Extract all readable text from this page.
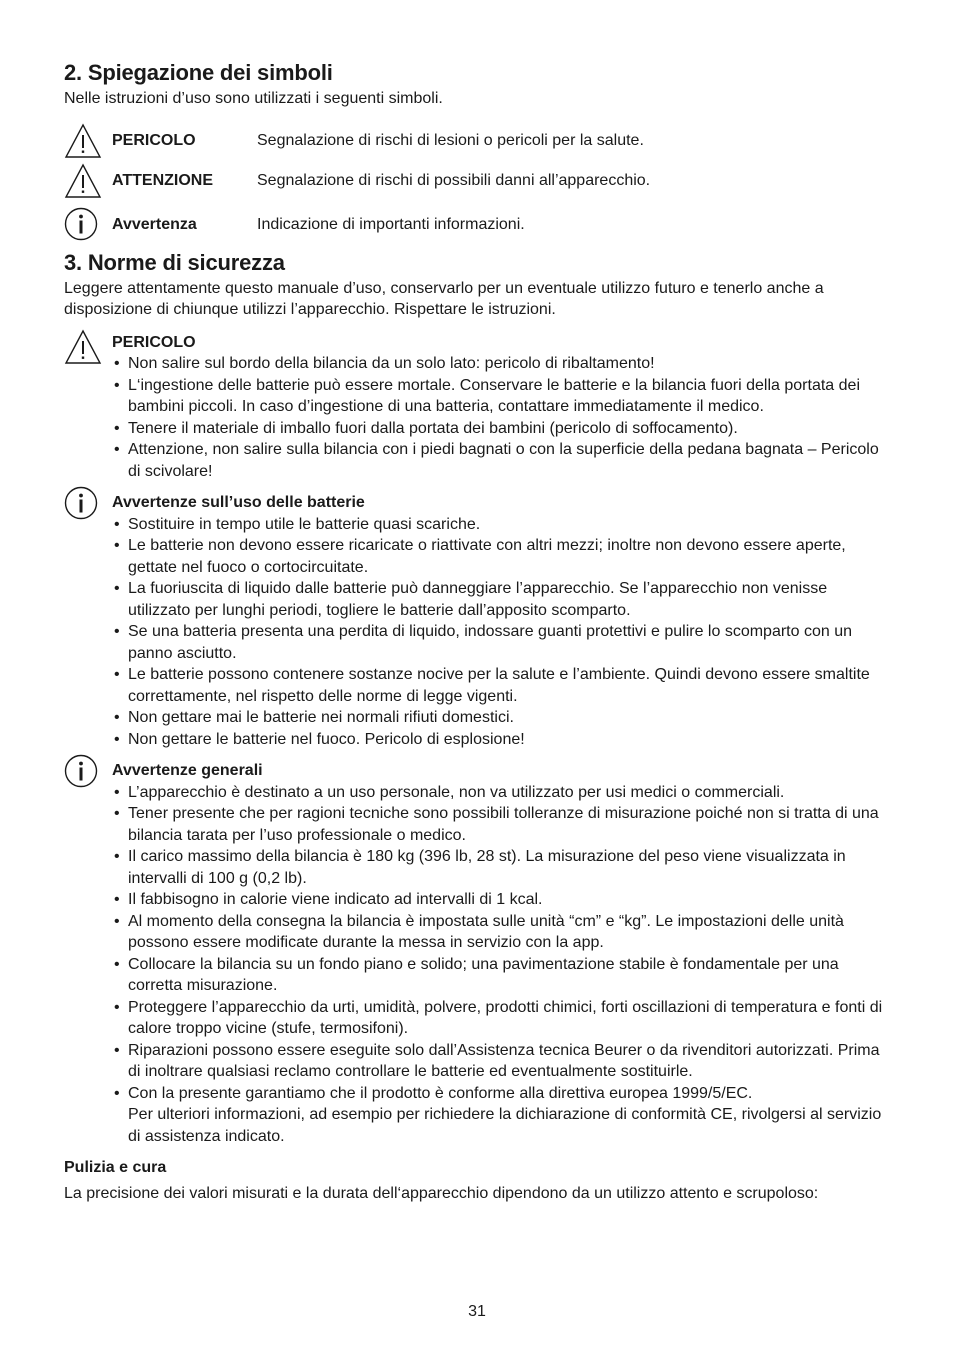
2. Spiegazione dei simboli

Nelle istruzioni d’uso sono utilizzati i seguenti simboli.

PERICOLO	Segnalazione di rischi di lesioni o pericoli per la salute.
ATTENZIONE	Segnalazione di rischi di possibili danni all’apparecchio.
Avvertenza	Indicazione di importanti informazioni.
3. Norme di sicurezza

Leggere attentamente questo manuale d’uso, conservarlo per un eventuale utilizzo futuro e tenerlo anche a disposizione di chiunque utilizzi l’apparecchio. Rispettare le istruzioni.

PERICOLO

• Non salire sul bordo della bilancia da un solo lato: pericolo di ribaltamento!
• L‘ingestione delle batterie può essere mortale. Conservare le batterie e la bilancia fuori della portata dei bambini piccoli. In caso d’ingestione di una batteria, contattare immediatamente il medico.
• Tenere il materiale di imballo fuori dalla portata dei bambini (pericolo di soffocamento).
• Attenzione, non salire sulla bilancia con i piedi bagnati o con la superficie della pedana bagnata – Pericolo di scivolare!

Avvertenze sull’uso delle batterie

• Sostituire in tempo utile le batterie quasi scariche.
• Le batterie non devono essere ricaricate o riattivate con altri mezzi; inoltre non devono essere aperte, gettate nel fuoco o cortocircuitate.
• La fuoriuscita di liquido dalle batterie può danneggiare l’apparecchio. Se l’apparecchio non venisse utilizzato per lunghi periodi, togliere le batterie dall’apposito scomparto.
• Se una batteria presenta una perdita di liquido, indossare guanti protettivi e pulire lo scomparto con un panno asciutto.
• Le batterie possono contenere sostanze nocive per la salute e l’ambiente. Quindi devono essere smaltite correttamente, nel rispetto delle norme di legge vigenti.
• Non gettare mai le batterie nei normali rifiuti domestici.
• Non gettare le batterie nel fuoco. Pericolo di esplosione!

Avvertenze generali

• L’apparecchio è destinato a un uso personale, non va utilizzato per usi medici o commerciali.
• Tener presente che per ragioni tecniche sono possibili tolleranze di misurazione poiché non si tratta di una bilancia tarata per l’uso professionale o medico.
• Il carico massimo della bilancia è 180 kg (396 lb, 28 st). La misurazione del peso viene visualizzata in intervalli di 100 g (0,2 lb).
• Il fabbisogno in calorie viene indicato ad intervalli di 1 kcal.
• Al momento della consegna la bilancia è impostata sulle unità “cm” e “kg”. Le impostazioni delle unità possono essere modificate durante la messa in servizio con la app.
• Collocare la bilancia su un fondo piano e solido; una pavimentazione stabile è fondamentale per una corretta misurazione.
• Proteggere l’apparecchio da urti, umidità, polvere, prodotti chimici, forti oscillazioni di temperatura e fonti di calore troppo vicine (stufe, termosifoni).
• Riparazioni possono essere eseguite solo dall’Assistenza tecnica Beurer o da rivenditori autorizzati. Prima di inoltrare qualsiasi reclamo controllare le batterie ed eventualmente sostituirle.
• Con la presente garantiamo che il prodotto è conforme alla direttiva europea 1999/5/EC.

Per ulteriori informazioni, ad esempio per richiedere la dichiarazione di conformità CE, rivolgersi al servizio di assistenza indicato.

Pulizia e cura

La precisione dei valori misurati e la durata dell‘apparecchio dipendono da un utilizzo attento e scrupoloso:

31
